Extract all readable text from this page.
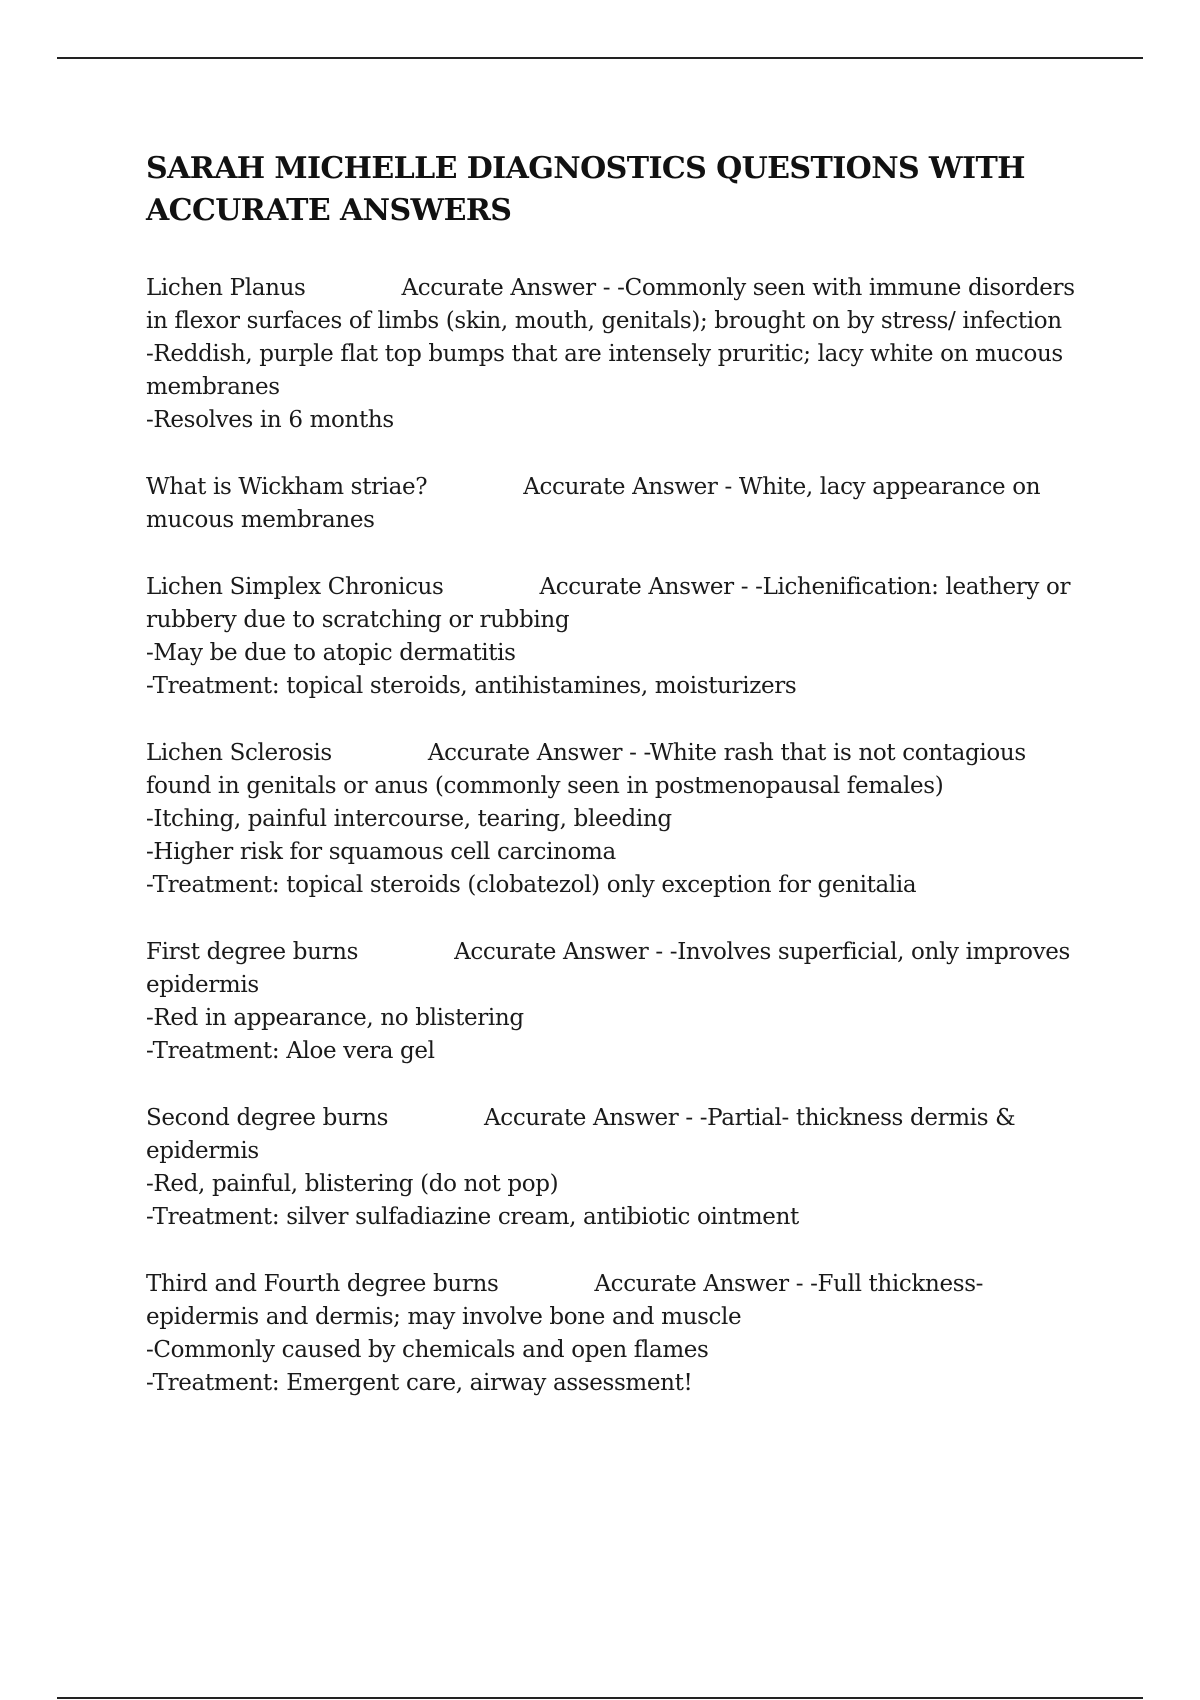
SARAH MICHELLE DIAGNOSTICS QUESTIONS WITH
ACCURATE ANSWERS

Lichen Planus	Accurate Answer - -Commonly seen with immune disorders in flexor surfaces of limbs (skin, mouth, genitals); brought on by stress/ infection

-Reddish, purple flat top bumps that are intensely pruritic; lacy white on mucous membranes

-Resolves in 6 months

What is Wickham striae?	Accurate Answer - White, lacy appearance on mucous membranes

Lichen Simplex Chronicus	Accurate Answer - -Lichenification: leathery or rubbery due to scratching or rubbing

-May be due to atopic dermatitis

-Treatment: topical steroids, antihistamines, moisturizers

Lichen Sclerosis	Accurate Answer - -White rash that is not contagious found in genitals or anus (commonly seen in postmenopausal females)

-Itching, painful intercourse, tearing, bleeding

-Higher risk for squamous cell carcinoma

-Treatment: topical steroids (clobatezol) only exception for genitalia

First degree burns	Accurate Answer - -Involves superficial, only improves epidermis

-Red in appearance, no blistering

-Treatment: Aloe vera gel

Second degree burns	Accurate Answer - -Partial- thickness dermis & epidermis

-Red, painful, blistering (do not pop)

-Treatment: silver sulfadiazine cream, antibiotic ointment

Third and Fourth degree burns	Accurate Answer - -Full thickness- epidermis and dermis; may involve bone and muscle

-Commonly caused by chemicals and open flames

-Treatment: Emergent care, airway assessment!
